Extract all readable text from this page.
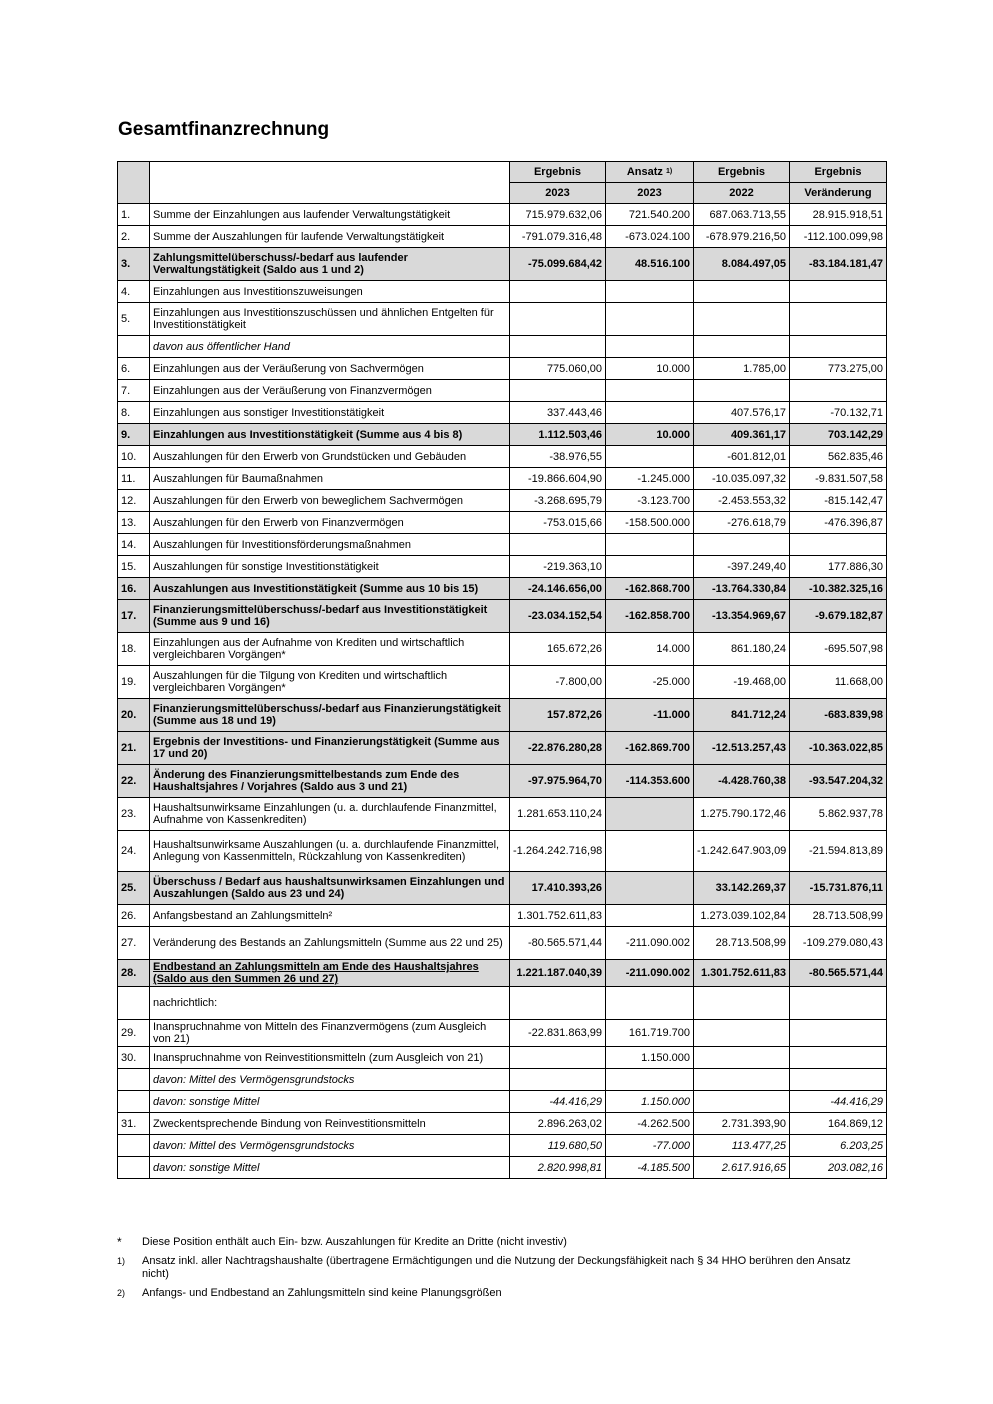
Gesamtfinanzrechnung
		Ergebnis	Ansatz $^{1)}$	Ergebnis	Ergebnis
		2023	2023	2022	Veränderung
1.	Summe der Einzahlungen aus laufender Verwaltungstätigkeit	715.979.632,06	721.540.200	687.063.713,55	28.915.918,51
2.	Summe der Auszahlungen für laufende Verwaltungstätigkeit	-791.079.316,48	-673.024.100	-678.979.216,50	-112.100.099,98
3.	Zahlungsmittelüberschuss/-bedarf aus laufender Verwaltungstätigkeit (Saldo aus 1 und 2)	-75.099.684,42	48.516.100	8.084.497,05	-83.184.181,47
4.	Einzahlungen aus Investitionszuweisungen				
5.	Einzahlungen aus Investitionszuschüssen und ähnlichen Entgelten für Investitionstätigkeit				
	davon aus öffentlicher Hand				
6.	Einzahlungen aus der Veräußerung von Sachvermögen	775.060,00	10.000	1.785,00	773.275,00
7.	Einzahlungen aus der Veräußerung von Finanzvermögen				
8.	Einzahlungen aus sonstiger Investitionstätigkeit	337.443,46		407.576,17	-70.132,71
9.	Einzahlungen aus Investitionstätigkeit (Summe aus 4 bis 8)	1.112.503,46	10.000	409.361,17	703.142,29
10.	Auszahlungen für den Erwerb von Grundstücken und Gebäuden	-38.976,55		-601.812,01	562.835,46
11.	Auszahlungen für Baumaßnahmen	-19.866.604,90	-1.245.000	-10.035.097,32	-9.831.507,58
12.	Auszahlungen für den Erwerb von beweglichem Sachvermögen	-3.268.695,79	-3.123.700	-2.453.553,32	-815.142,47
13.	Auszahlungen für den Erwerb von Finanzvermögen	-753.015,66	-158.500.000	-276.618,79	-476.396,87
14.	Auszahlungen für Investitionsförderungsmaßnahmen				
15.	Auszahlungen für sonstige Investitionstätigkeit	-219.363,10		-397.249,40	177.886,30
16.	Auszahlungen aus Investitionstätigkeit (Summe aus 10 bis 15)	-24.146.656,00	-162.868.700	-13.764.330,84	-10.382.325,16
17.	Finanzierungsmittelüberschuss/-bedarf aus Investitionstätigkeit (Summe aus 9 und 16)	-23.034.152,54	-162.858.700	-13.354.969,67	-9.679.182,87
18.	Einzahlungen aus der Aufnahme von Krediten und wirtschaftlich vergleichbaren Vorgängen*	165.672,26	14.000	861.180,24	-695.507,98
19.	Auszahlungen für die Tilgung von Krediten und wirtschaftlich vergleichbaren Vorgängen*	-7.800,00	-25.000	-19.468,00	11.668,00
20.	Finanzierungsmittelüberschuss/-bedarf aus Finanzierungstätigkeit (Summe aus 18 und 19)	157.872,26	-11.000	841.712,24	-683.839,98
21.	Ergebnis der Investitions- und Finanzierungstätigkeit (Summe aus 17 und 20)	-22.876.280,28	-162.869.700	-12.513.257,43	-10.363.022,85
22.	Änderung des Finanzierungsmittelbestands zum Ende des Haushaltsjahres / Vorjahres (Saldo aus 3 und 21)	-97.975.964,70	-114.353.600	-4.428.760,38	-93.547.204,32
23.	Haushaltsunwirksame Einzahlungen (u. a. durchlaufende Finanzmittel, Aufnahme von Kassenkrediten)	1.281.653.110,24		1.275.790.172,46	5.862.937,78
24.	Haushaltsunwirksame Auszahlungen (u. a. durchlaufende Finanzmittel, Anlegung von Kassenmitteln, Rückzahlung von Kassenkrediten)	-1.264.242.716,98		-1.242.647.903,09	-21.594.813,89
25.	Überschuss / Bedarf aus haushaltsunwirksamen Einzahlungen und Auszahlungen (Saldo aus 23 und 24)	17.410.393,26		33.142.269,37	-15.731.876,11
26.	Anfangsbestand an Zahlungsmitteln²	1.301.752.611,83		1.273.039.102,84	28.713.508,99
27.	Veränderung des Bestands an Zahlungsmitteln (Summe aus 22 und 25)	-80.565.571,44	-211.090.002	28.713.508,99	-109.279.080,43
28.	Endbestand an Zahlungsmitteln am Ende des Haushaltsjahres (Saldo aus den Summen 26 und 27)	1.221.187.040,39	-211.090.002	1.301.752.611,83	-80.565.571,44
	nachrichtlich:				
29.	Inanspruchnahme von Mitteln des Finanzvermögens (zum Ausgleich von 21)	-22.831.863,99	161.719.700		
30.	Inanspruchnahme von Reinvestitionsmitteln (zum Ausgleich von 21)		1.150.000		
	davon: Mittel des Vermögensgrundstocks				
	davon: sonstige Mittel	-44.416,29	1.150.000		-44.416,29
31.	Zweckentsprechende Bindung von Reinvestitionsmitteln	2.896.263,02	-4.262.500	2.731.393,90	164.869,12
	davon: Mittel des Vermögensgrundstocks	119.680,50	-77.000	113.477,25	6.203,25
	davon: sonstige Mittel	2.820.998,81	-4.185.500	2.617.916,65	203.082,16
*	Diese Position enthält auch Ein- bzw. Auszahlungen für Kredite an Dritte (nicht investiv)
1)	Ansatz inkl. aller Nachtragshaushalte (übertragene Ermächtigungen und die Nutzung der Deckungsfähigkeit nach § 34 HHO berühren den Ansatz nicht)
2)	Anfangs- und Endbestand an Zahlungsmitteln sind keine Planungsgrößen
